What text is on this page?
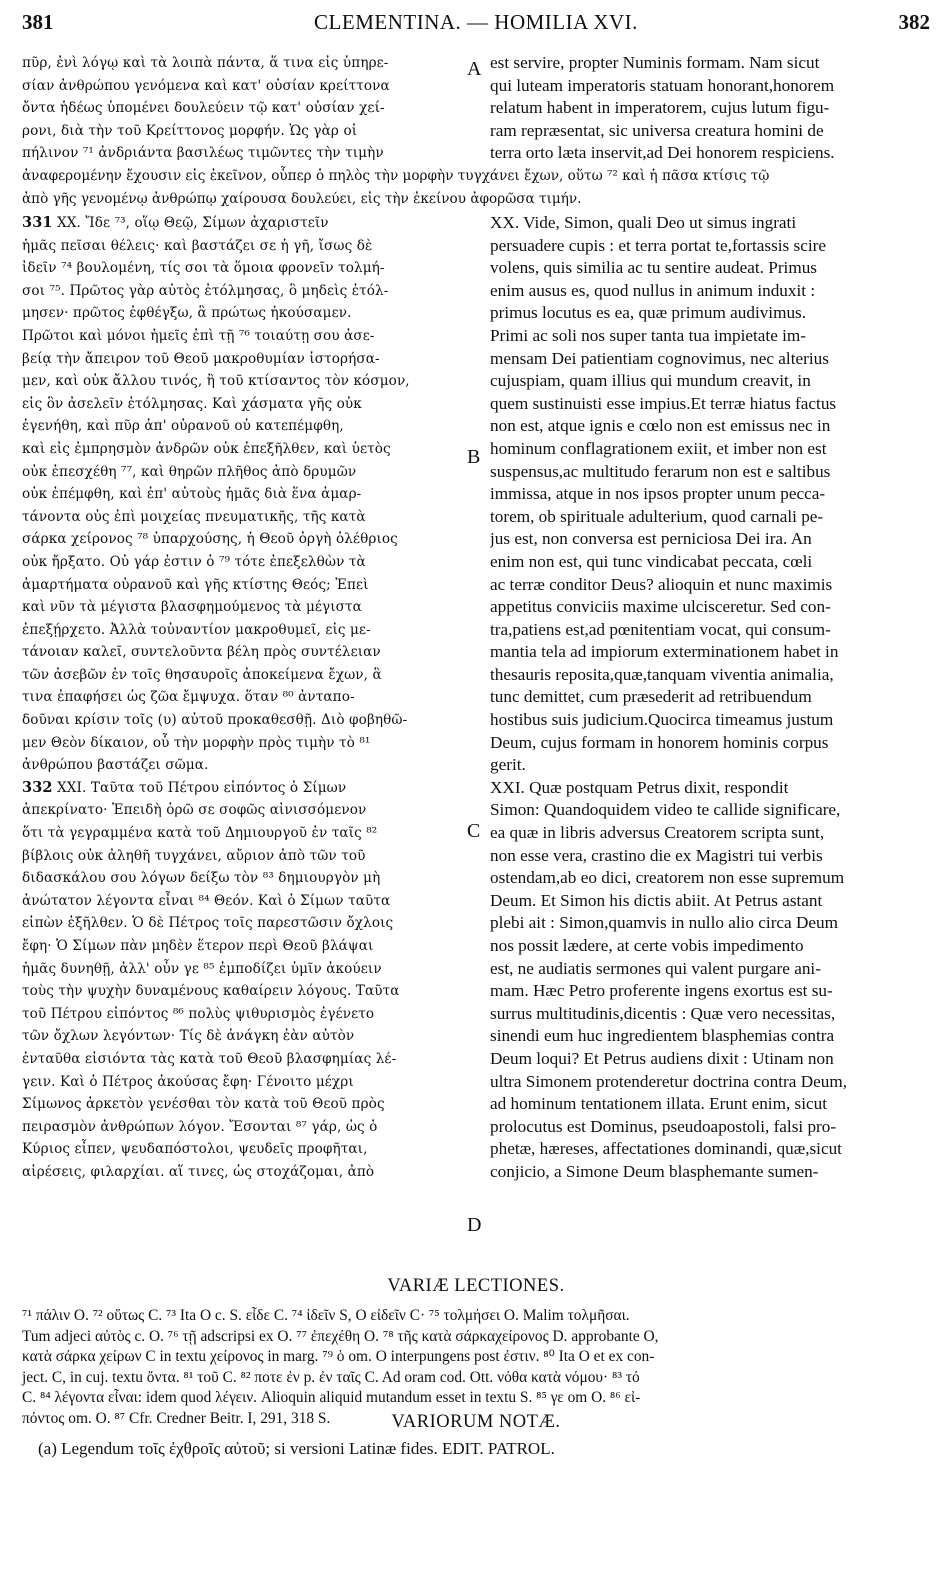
381	CLEMENTINA. — HOMILIA XVI.	382
πῦρ, ἐνὶ λόγῳ καὶ τὰ λοιπὰ πάντα, ἅ τινα εἰς ὑπηρε-
σίαν ἀνθρώπου γενόμενα καὶ κατ' οὐσίαν κρείττονα
ὄντα ἡδέως ὑπομένει δουλεύειν τῷ κατ' οὐσίαν χεί-
ρονι, διὰ τὴν τοῦ Κρείττονος μορφήν. Ὡς γὰρ οἱ
πήλινον ⁷¹ ἀνδριάντα βασιλέως τιμῶντες τὴν τιμὴν
est servire, propter Numinis formam. Nam sicut
qui luteam imperatoris statuam honorant,honorem
relatum habent in imperatorem, cujus lutum figu-
ram repræsentat, sic universa creatura homini de
terra orto læta inservit,ad Dei honorem respiciens.
A
ἀναφερομένην ἔχουσιν εἰς ἐκεῖνον, οὗπερ ὁ πηλὸς τὴν μορφὴν τυγχάνει ἔχων, οὕτω ⁷² καὶ ἡ πᾶσα κτίσις τῷ
ἀπὸ γῆς γενομένῳ ἀνθρώπῳ χαίρουσα δουλεύει, εἰς τὴν ἐκείνου ἀφορῶσα τιμήν.
331 XX. Ἴδε ⁷³, οἵῳ Θεῷ, Σίμων ἀχαριστεῖν
ἡμᾶς πεῖσαι θέλεις· καὶ βαστάζει σε ἡ γῆ, ἴσως δὲ
ἰδεῖν ⁷⁴ βουλομένη, τίς σοι τὰ ὅμοια φρονεῖν τολμή-
σοι ⁷⁵. Πρῶτος γὰρ αὐτὸς ἐτόλμησας, ὃ μηδεὶς ἐτόλ-
μησεν· πρῶτος ἐφθέγξω, ἃ πρώτως ἠκούσαμεν.
Πρῶτοι καὶ μόνοι ἡμεῖς ἐπὶ τῇ ⁷⁶ τοιαύτῃ σου ἀσε-
βείᾳ τὴν ἄπειρον τοῦ Θεοῦ μακροθυμίαν ἱστορήσα-
μεν, καὶ οὐκ ἄλλου τινός, ἢ τοῦ κτίσαντος τὸν κόσμον,
εἰς ὃν ἀσελεῖν ἐτόλμησας. Καὶ χάσματα γῆς οὐκ
ἐγενήθη, καὶ πῦρ ἀπ' οὐρανοῦ οὐ κατεπέμφθη,
καὶ εἰς ἐμπρησμὸν ἀνδρῶν οὐκ ἐπεξῆλθεν, καὶ ὑετὸς
οὐκ ἐπεσχέθη ⁷⁷, καὶ θηρῶν πλῆθος ἀπὸ δρυμῶν
οὐκ ἐπέμφθη, καὶ ἐπ' αὐτοὺς ἡμᾶς διὰ ἕνα ἁμαρ-
τάνοντα οὐς ἐπὶ μοιχείας πνευματικῆς, τῆς κατὰ
σάρκα χείρονος ⁷⁸ ὑπαρχούσης, ἡ Θεοῦ ὀργὴ ὀλέθριος
οὐκ ἤρξατο. Οὐ γάρ ἐστιν ὁ ⁷⁹ τότε ἐπεξελθὼν τὰ
ἁμαρτήματα οὐρανοῦ καὶ γῆς κτίστης Θεός; Ἐπεὶ
καὶ νῦν τὰ μέγιστα βλασφημούμενος τὰ μέγιστα
ἐπεξῄρχετο. Ἀλλὰ τοὐναντίον μακροθυμεῖ, εἰς με-
τάνοιαν καλεῖ, συντελοῦντα βέλη πρὸς συντέλειαν
τῶν ἀσεβῶν ἐν τοῖς θησαυροῖς ἀποκείμενα ἔχων, ἃ
τινα ἐπαφήσει ὡς ζῶα ἔμψυχα. ὅταν ⁸⁰ ἀνταπο-
δοῦναι κρίσιν τοῖς (υ) αὐτοῦ προκαθεσθῇ. Διὸ φοβηθῶ-
μεν Θεὸν δίκαιον, οὗ τὴν μορφὴν πρὸς τιμὴν τὸ ⁸¹
ἀνθρώπου βαστάζει σῶμα.
332 XXI. Ταῦτα τοῦ Πέτρου εἰπόντος ὁ Σίμων
ἀπεκρίνατο· Ἐπειδὴ ὁρῶ σε σοφῶς αἰνισσόμενον
ὅτι τὰ γεγραμμένα κατὰ τοῦ Δημιουργοῦ ἐν ταῖς ⁸²
βίβλοις οὐκ ἀληθῆ τυγχάνει, αὔριον ἀπὸ τῶν τοῦ
διδασκάλου σου λόγων δείξω τὸν ⁸³ δημιουργὸν μὴ
ἀνώτατον λέγοντα εἶναι ⁸⁴ Θεόν. Καὶ ὁ Σίμων ταῦτα
εἰπὼν ἐξῆλθεν. Ὁ δὲ Πέτρος τοῖς παρεστῶσιν ὄχλοις
ἔφη· Ὁ Σίμων πὰν μηδὲν ἕτερον περὶ Θεοῦ βλάψαι
ἡμᾶς δυνηθῇ, ἀλλ' οὖν γε ⁸⁵ ἐμποδίζει ὑμῖν ἀκούειν
τοὺς τὴν ψυχὴν δυναμένους καθαίρειν λόγους. Ταῦτα
τοῦ Πέτρου εἰπόντος ⁸⁶ πολὺς ψιθυρισμὸς ἐγένετο
τῶν ὄχλων λεγόντων· Τίς δὲ ἀνάγκη ἐὰν αὐτὸν
ἐνταῦθα εἰσιόντα τὰς κατὰ τοῦ Θεοῦ βλασφημίας λέ-
γειν. Καὶ ὁ Πέτρος ἀκούσας ἔφη· Γένοιτο μέχρι
Σίμωνος ἀρκετὸν γενέσθαι τὸν κατὰ τοῦ Θεοῦ πρὸς
πειρασμὸν ἀνθρώπων λόγον. Ἔσονται ⁸⁷ γάρ, ὡς ὁ
Κύριος εἶπεν, ψευδαπόστολοι, ψευδεῖς προφῆται,
αἱρέσεις, φιλαρχίαι. αἵ τινες, ὡς στοχάζομαι, ἀπὸ
XX. Vide, Simon, quali Deo ut simus ingrati
persuadere cupis : et terra portat te,fortassis scire
volens, quis similia ac tu sentire audeat. Primus
enim ausus es, quod nullus in animum induxit :
primus locutus es ea, quæ primum audivimus.
Primi ac soli nos super tanta tua impietate im-
mensam Dei patientiam cognovimus, nec alterius
cujuspiam, quam illius qui mundum creavit, in
quem sustinuisti esse impius.Et terræ hiatus factus
non est, atque ignis e cœlo non est emissus nec in
hominum conflagrationem exiit, et imber non est
suspensus,ac multitudo ferarum non est e saltibus
immissa, atque in nos ipsos propter unum pecca-
torem, ob spirituale adulterium, quod carnali pe-
jus est, non conversa est perniciosa Dei ira. An
enim non est, qui tunc vindicabat peccata, cœli
ac terræ conditor Deus? alioquin et nunc maximis
appetitus conviciis maxime ulcisceretur. Sed con-
tra,patiens est,ad pœnitentiam vocat, qui consum-
mantia tela ad impiorum exterminationem habet in
thesauris reposita,quæ,tanquam viventia animalia,
tunc demittet, cum præsederit ad retribuendum
hostibus suis judicium.Quocirca timeamus justum
Deum, cujus formam in honorem hominis corpus
gerit.
XXI. Quæ postquam Petrus dixit, respondit
Simon: Quandoquidem video te callide significare,
ea quæ in libris adversus Creatorem scripta sunt,
non esse vera, crastino die ex Magistri tui verbis
ostendam,ab eo dici, creatorem non esse supremum
Deum. Et Simon his dictis abiit. At Petrus astant
plebi ait : Simon,quamvis in nullo alio circa Deum
nos possit lædere, at certe vobis impedimento
est, ne audiatis sermones qui valent purgare ani-
mam. Hæc Petro proferente ingens exortus est su-
surrus multitudinis,dicentis : Quæ vero necessitas,
sinendi eum huc ingredientem blasphemias contra
Deum loqui? Et Petrus audiens dixit : Utinam non
ultra Simonem protenderetur doctrina contra Deum,
ad hominum tentationem illata. Erunt enim, sicut
prolocutus est Dominus, pseudoapostoli, falsi pro-
phetæ, hæreses, affectationes dominandi, quæ,sicut
conjicio, a Simone Deum blasphemante sumen-
B
C
D
VARIÆ LECTIONES.
⁷¹ πάλιν O. ⁷² οὕτως C. ⁷³ Ita O c. S. εἶδε C. ⁷⁴ ἰδεῖν S, O εἰδεῖν C· ⁷⁵ τολμήσει O. Malim τολμῆσαι.
Tum adjeci αὐτὸς c. O. ⁷⁶ τῇ adscripsi ex O. ⁷⁷ ἐπεχέθη O. ⁷⁸ τῆς κατὰ σάρκαχείρονος D. approbante O,
κατὰ σάρκα χείρων C in textu χείρονος in marg. ⁷⁹ ὁ om. O interpungens post ἐστιν. ⁸⁰ Ita O et ex con-
ject. C, in cuj. textu ὄντα. ⁸¹ τοῦ C. ⁸² ποτε ἐν p. ἐν ταῖς C. Ad oram cod. Ott. νόθα κατὰ νόμου· ⁸³ τό
C. ⁸⁴ λέγοντα εἶναι: idem quod λέγειν. Alioquin aliquid mutandum esset in textu S. ⁸⁵ γε om O. ⁸⁶ εἰ-
πόντος om. O. ⁸⁷ Cfr. Credner Beitr. I, 291, 318 S.	VARIORUM NOTÆ.
(a) Legendum τοῖς ἐχθροῖς αὐτοῦ; si versioni Latinæ fides. EDIT. PATROL.
